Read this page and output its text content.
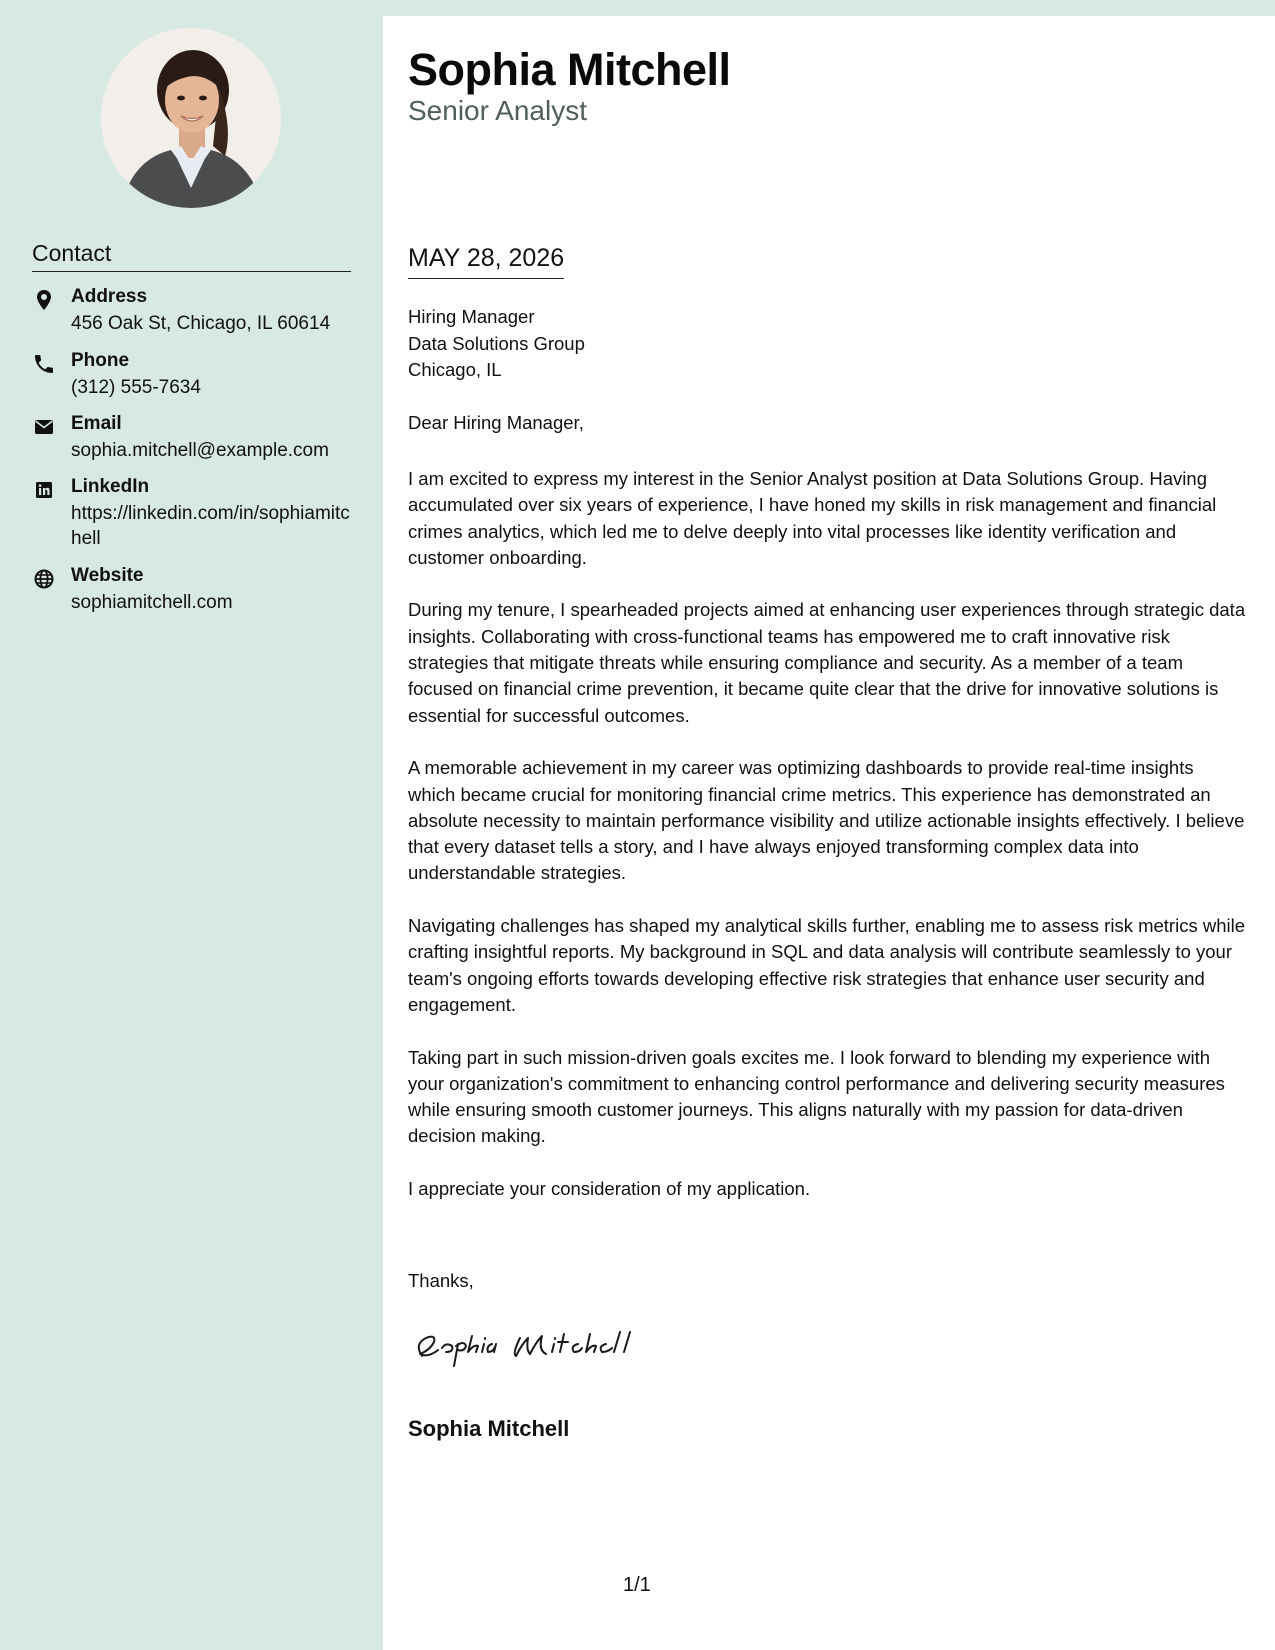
Contact
Address
456 Oak St, Chicago, IL 60614
Phone
(312) 555-7634
Email
sophia.mitchell@example.com
LinkedIn
https://linkedin.com/in/sophiamitchell
Website
sophiamitchell.com
Sophia Mitchell
Senior Analyst
MAY 28, 2026
Hiring Manager
Data Solutions Group
Chicago, IL
Dear Hiring Manager,

I am excited to express my interest in the Senior Analyst position at Data Solutions Group. Having accumulated over six years of experience, I have honed my skills in risk management and financial crimes analytics, which led me to delve deeply into vital processes like identity verification and customer onboarding.

During my tenure, I spearheaded projects aimed at enhancing user experiences through strategic data insights. Collaborating with cross-functional teams has empowered me to craft innovative risk strategies that mitigate threats while ensuring compliance and security. As a member of a team focused on financial crime prevention, it became quite clear that the drive for innovative solutions is essential for successful outcomes.

A memorable achievement in my career was optimizing dashboards to provide real-time insights which became crucial for monitoring financial crime metrics. This experience has demonstrated an absolute necessity to maintain performance visibility and utilize actionable insights effectively. I believe that every dataset tells a story, and I have always enjoyed transforming complex data into understandable strategies.

Navigating challenges has shaped my analytical skills further, enabling me to assess risk metrics while crafting insightful reports. My background in SQL and data analysis will contribute seamlessly to your team's ongoing efforts towards developing effective risk strategies that enhance user security and engagement.

Taking part in such mission-driven goals excites me. I look forward to blending my experience with your organization's commitment to enhancing control performance and delivering security measures while ensuring smooth customer journeys. This aligns naturally with my passion for data-driven decision making.

I appreciate your consideration of my application.

Thanks,
Sophia Mitchell
1/1
